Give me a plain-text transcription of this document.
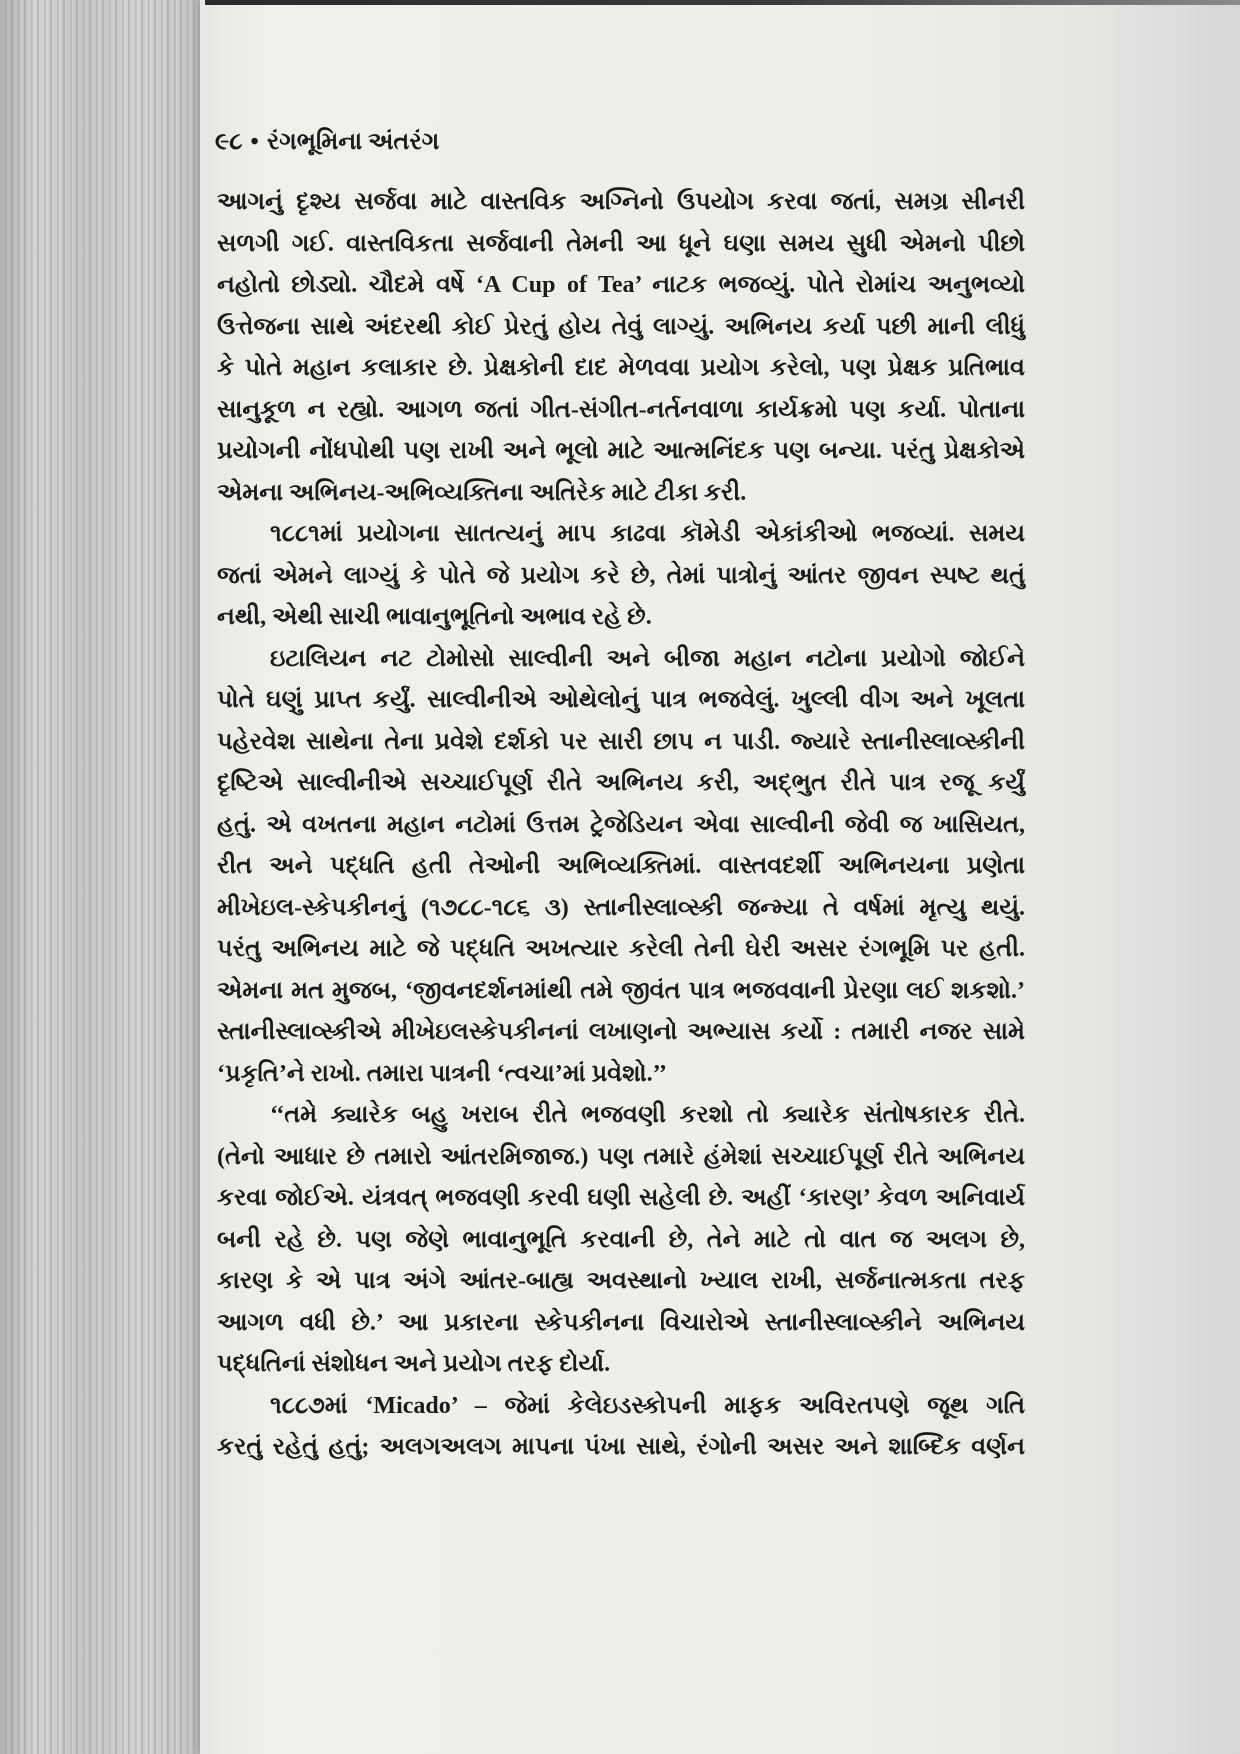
૯૮ • રંગભૂમિના અંતરંગ
આગનું દૃશ્ય સર્જવા માટે વાસ્તવિક અગ્નિનો ઉપયોગ કરવા જતાં, સમગ્ર સીનરી
સળગી ગઈ. વાસ્તવિકતા સર્જવાની તેમની આ ધૂને ઘણા સમય સુધી એમનો પીછો
નહોતો છોડ્યો. ચૌદમે વર્ષે ‘A Cup of Tea’ નાટક ભજવ્યું. પોતે રોમાંચ અનુભવ્યો
ઉત્તેજના સાથે અંદરથી કોઈ પ્રેરતું હોય તેવું લાગ્યું. અભિનય કર્યા પછી માની લીધું
કે પોતે મહાન કલાકાર છે. પ્રેક્ષકોની દાદ મેળવવા પ્રયોગ કરેલો, પણ પ્રેક્ષક પ્રતિભાવ
સાનુકૂળ ન રહ્યો. આગળ જતાં ગીત-સંગીત-નર્તનવાળા કાર્યક્રમો પણ કર્યા. પોતાના
પ્રયોગની નોંધપોથી પણ રાખી અને ભૂલો માટે આત્મનિંદક પણ બન્યા. પરંતુ પ્રેક્ષકોએ
એમના અભિનય-અભિવ્યક્તિના અતિરેક માટે ટીકા કરી.
૧૮૮૧માં પ્રયોગના સાતત્યનું માપ કાઢવા કૉમેડી એકાંકીઓ ભજવ્યાં. સમય
જતાં એમને લાગ્યું કે પોતે જે પ્રયોગ કરે છે, તેમાં પાત્રોનું આંતર જીવન સ્પષ્ટ થતું
નથી, એથી સાચી ભાવાનુભૂતિનો અભાવ રહે છે.
ઇટાલિયન નટ ટોમોસો સાલ્વીની અને બીજા મહાન નટોના પ્રયોગો જોઈને
પોતે ઘણું પ્રાપ્ત કર્યું. સાલ્વીનીએ ઓથેલોનું પાત્ર ભજવેલું. ખુલ્લી વીગ અને ખૂલતા
પહેરવેશ સાથેના તેના પ્રવેશે દર્શકો પર સારી છાપ ન પાડી. જ્યારે સ્તાનીસ્લાવ્સ્કીની
દૃષ્ટિએ સાલ્વીનીએ સચ્ચાઈપૂર્ણ રીતે અભિનય કરી, અદ્ભુત રીતે પાત્ર રજૂ કર્યું
હતું. એ વખતના મહાન નટોમાં ઉત્તમ ટ્રેજેડિયન એવા સાલ્વીની જેવી જ ખાસિયત,
રીત અને પદ્ધતિ હતી તેઓની અભિવ્યક્તિમાં. વાસ્તવદર્શી અભિનયના પ્રણેતા
મીખેઇલ-સ્કેપકીનનું (૧૭૮૮-૧૮૬ ૩) સ્તાનીસ્લાવ્સ્કી જન્મ્યા તે વર્ષમાં મૃત્યુ થયું.
પરંતુ અભિનય માટે જે પદ્ધતિ અખત્યાર કરેલી તેની ઘેરી અસર રંગભૂમિ પર હતી.
એમના મત મુજબ, ‘જીવનદર્શનમાંથી તમે જીવંત પાત્ર ભજવવાની પ્રેરણા લઈ શકશો.’
સ્તાનીસ્લાવ્સ્કીએ મીખેઇલસ્કેપકીનનાં લખાણનો અભ્યાસ કર્યો : તમારી નજર સામે
‘પ્રકૃતિ’ને રાખો. તમારા પાત્રની ‘ત્વચા’માં પ્રવેશો.’’
‘‘તમે ક્યારેક બહુ ખરાબ રીતે ભજવણી કરશો તો ક્યારેક સંતોષકારક રીતે.
(તેનો આધાર છે તમારો આંતરમિજાજ.) પણ તમારે હંમેશાં સચ્ચાઈપૂર્ણ રીતે અભિનય
કરવા જોઈએ. યંત્રવત્ ભજવણી કરવી ઘણી સહેલી છે. અહીં ‘કારણ’ કેવળ અનિવાર્ય
બની રહે છે. પણ જેણે ભાવાનુભૂતિ કરવાની છે, તેને માટે તો વાત જ અલગ છે,
કારણ કે એ પાત્ર અંગે આંતર-બાહ્ય અવસ્થાનો ખ્યાલ રાખી, સર્જનાત્મકતા તરફ
આગળ વધી છે.’ આ પ્રકારના સ્કેપકીનના વિચારોએ સ્તાનીસ્લાવ્સ્કીને અભિનય
પદ્ધતિનાં સંશોધન અને પ્રયોગ તરફ દોર્યા.
૧૮૮૭માં ‘Micado’ – જેમાં કેલેઇડસ્કોપની માફક અવિરતપણે જૂથ ગતિ
કરતું રહેતું હતું; અલગઅલગ માપના પંખા સાથે, રંગોની અસર અને શાબ્દિક વર્ણન
